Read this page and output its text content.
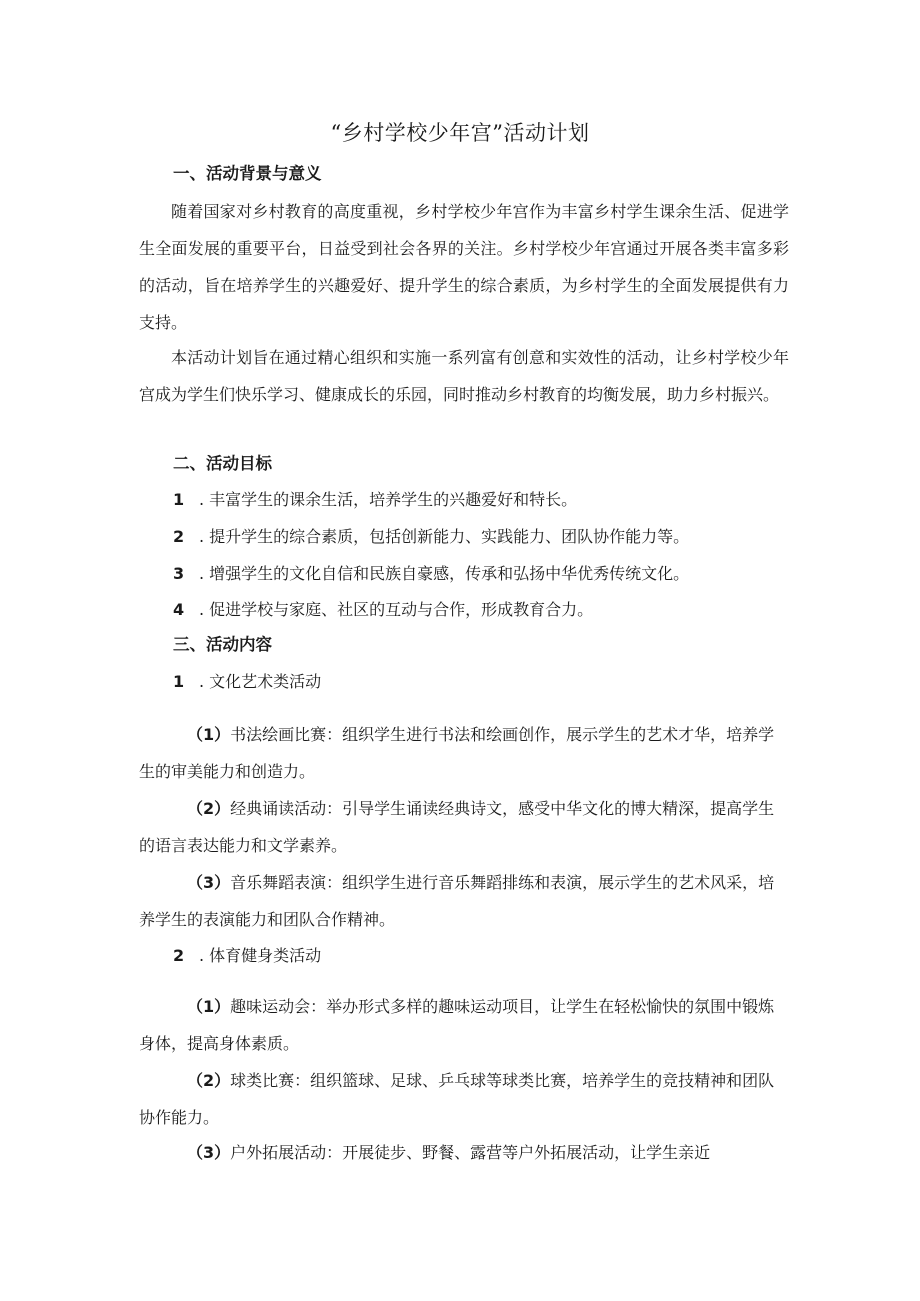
“乡村学校少年宫”活动计划
一、活动背景与意义

随着国家对乡村教育的高度重视，乡村学校少年宫作为丰富乡村学生课余生活、促进学生全面发展的重要平台，日益受到社会各界的关注。乡村学校少年宫通过开展各类丰富多彩的活动，旨在培养学生的兴趣爱好、提升学生的综合素质，为乡村学生的全面发展提供有力支持。

本活动计划旨在通过精心组织和实施一系列富有创意和实效性的活动，让乡村学校少年宫成为学生们快乐学习、健康成长的乐园，同时推动乡村教育的均衡发展，助力乡村振兴。

二、活动目标
1 . 丰富学生的课余生活，培养学生的兴趣爱好和特长。
2 . 提升学生的综合素质，包括创新能力、实践能力、团队协作能力等。
3 . 增强学生的文化自信和民族自豪感，传承和弘扬中华优秀传统文化。
4 . 促进学校与家庭、社区的互动与合作，形成教育合力。
三、活动内容
1 . 文化艺术类活动

（1）书法绘画比赛：组织学生进行书法和绘画创作，展示学生的艺术才华，培养学生的审美能力和创造力。

（2）经典诵读活动：引导学生诵读经典诗文，感受中华文化的博大精深，提高学生的语言表达能力和文学素养。

（3）音乐舞蹈表演：组织学生进行音乐舞蹈排练和表演，展示学生的艺术风采，培养学生的表演能力和团队合作精神。

2 . 体育健身类活动

（1）趣味运动会：举办形式多样的趣味运动项目，让学生在轻松愉快的氛围中锻炼身体，提高身体素质。

（2）球类比赛：组织篮球、足球、乒乓球等球类比赛，培养学生的竞技精神和团队协作能力。

（3）户外拓展活动：开展徒步、野餐、露营等户外拓展活动，让学生亲近
